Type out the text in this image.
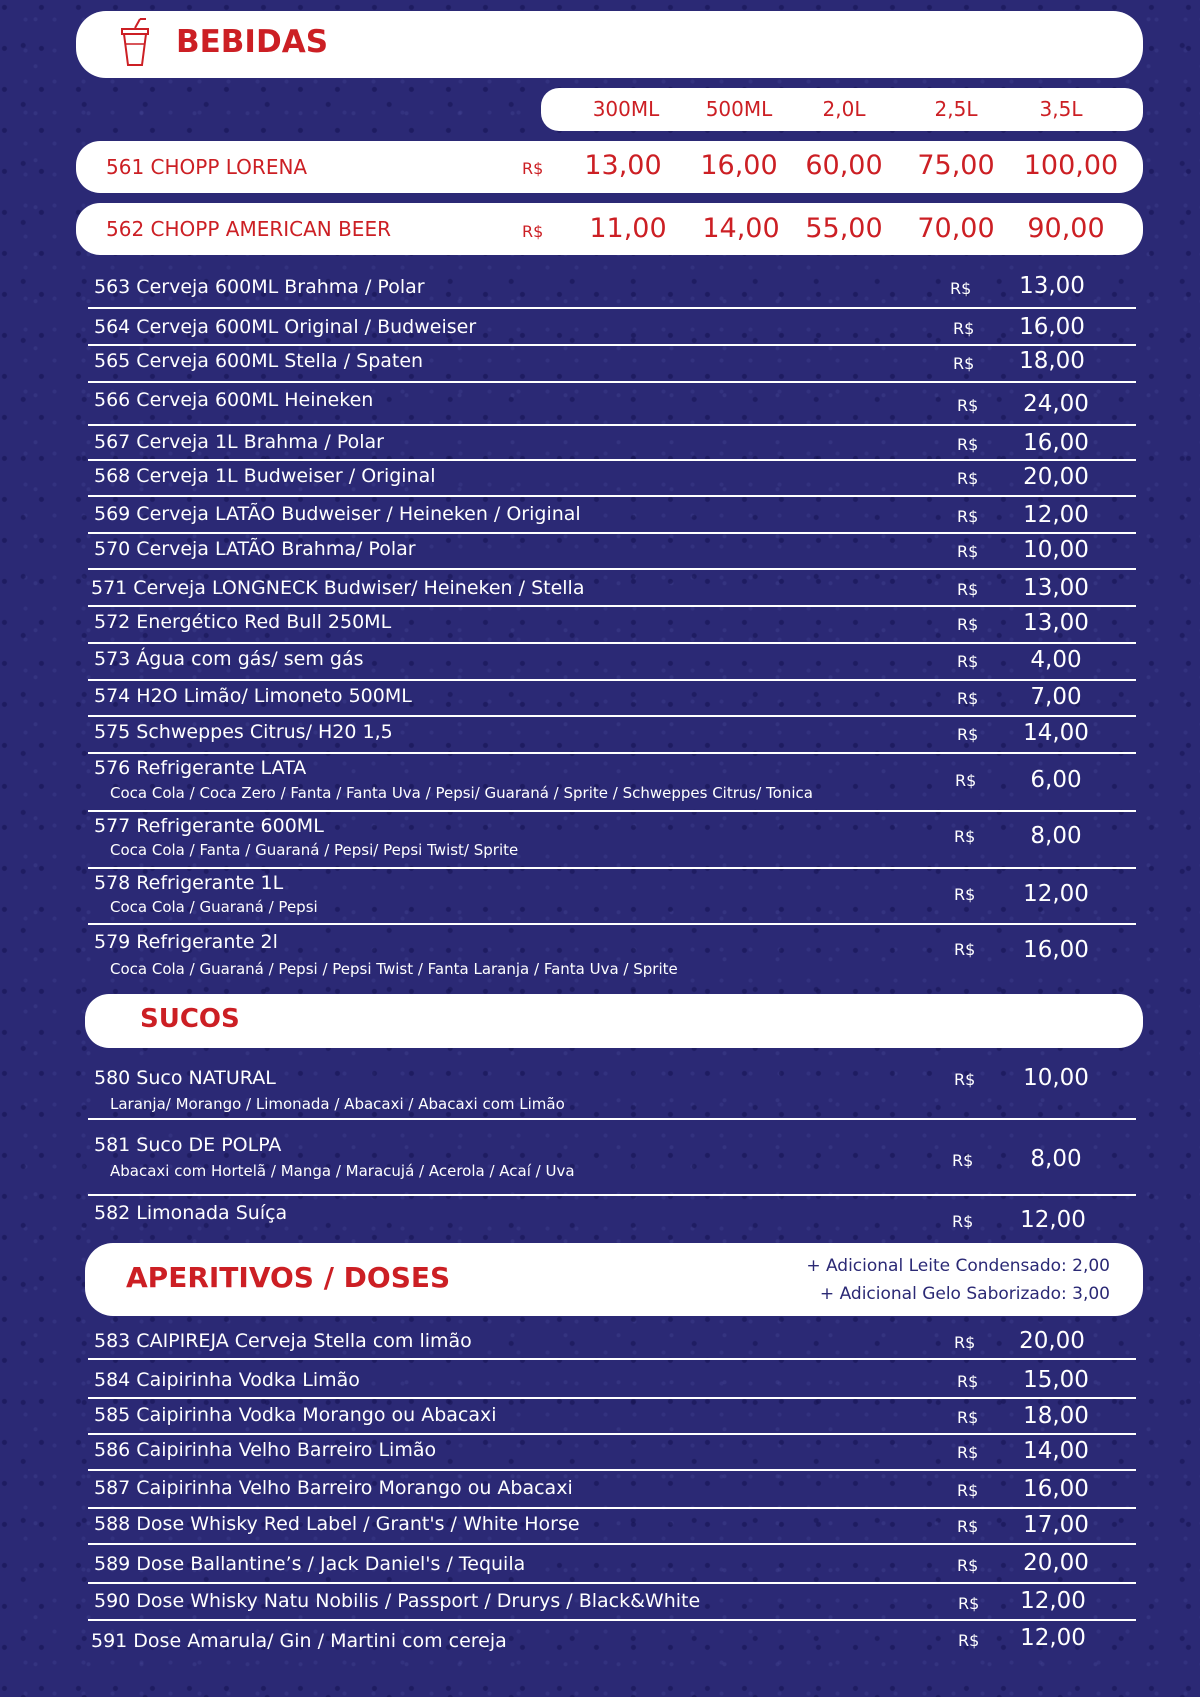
BEBIDAS
300ML	500ML	2,0L	2,5L	3,5L
561 CHOPP LORENA	R$	13,00	16,00	60,00	75,00	100,00
562 CHOPP AMERICAN BEER	R$	11,00	14,00 55,00	70,00	90,00
563 Cerveja 600ML Brahma / Polar	R$	13,00
564 Cerveja 600ML Original / Budweiser	R$	16,00
565 Cerveja 600ML Stella / Spaten	R$	18,00
566 Cerveja 600ML Heineken	R$	24,00
567 Cerveja 1L Brahma / Polar	R$	16,00
568 Cerveja 1L Budweiser / Original	R$	20,00
569 Cerveja LATÃO Budweiser / Heineken / Original	R$	12,00
570 Cerveja LATÃO Brahma/ Polar	R$	10,00
571 Cerveja LONGNECK Budwiser/ Heineken / Stella	R$	13,00
572 Energético Red Bull 250ML	R$	13,00
573 Água com gás/ sem gás	R$	4,00
574 H2O Limão/ Limoneto 500ML	R$	7,00
575 Schweppes Citrus/ H20 1,5	R$	14,00
576 Refrigerante LATA
Coca Cola / Coca Zero / Fanta / Fanta Uva / Pepsi/ Guaraná / Sprite / Schweppes Citrus/ Tonica
R$	6,00
577 Refrigerante 600ML
Coca Cola / Fanta / Guaraná / Pepsi/ Pepsi Twist/ Sprite
R$	8,00
578 Refrigerante 1L
Coca Cola / Guaraná / Pepsi
R$	12,00
579 Refrigerante 2l
Coca Cola / Guaraná / Pepsi / Pepsi Twist / Fanta Laranja / Fanta Uva / Sprite
R$	16,00
SUCOS
580 Suco NATURAL
Laranja/ Morango / Limonada / Abacaxi / Abacaxi com Limão
R$	10,00
581 Suco DE POLPA
Abacaxi com Hortelã / Manga / Maracujá / Acerola / Acaí / Uva
R$	8,00
582 Limonada Suíça	R$	12,00
APERITIVOS / DOSES	+ Adicional Leite Condensado: 2,00
+ Adicional Gelo Saborizado: 3,00
583 CAIPIREJA Cerveja Stella com limão	R$	20,00
584 Caipirinha Vodka Limão	R$	15,00
585 Caipirinha Vodka Morango ou Abacaxi	R$	18,00
586 Caipirinha Velho Barreiro Limão	R$	14,00
587 Caipirinha Velho Barreiro Morango ou Abacaxi	R$	16,00
588 Dose Whisky Red Label / Grant's / White Horse	R$	17,00
589 Dose Ballantine’s / Jack Daniel's / Tequila	R$	20,00
590 Dose Whisky Natu Nobilis / Passport / Drurys / Black&White	R$	12,00
591 Dose Amarula/ Gin / Martini com cereja	R$	12,00
